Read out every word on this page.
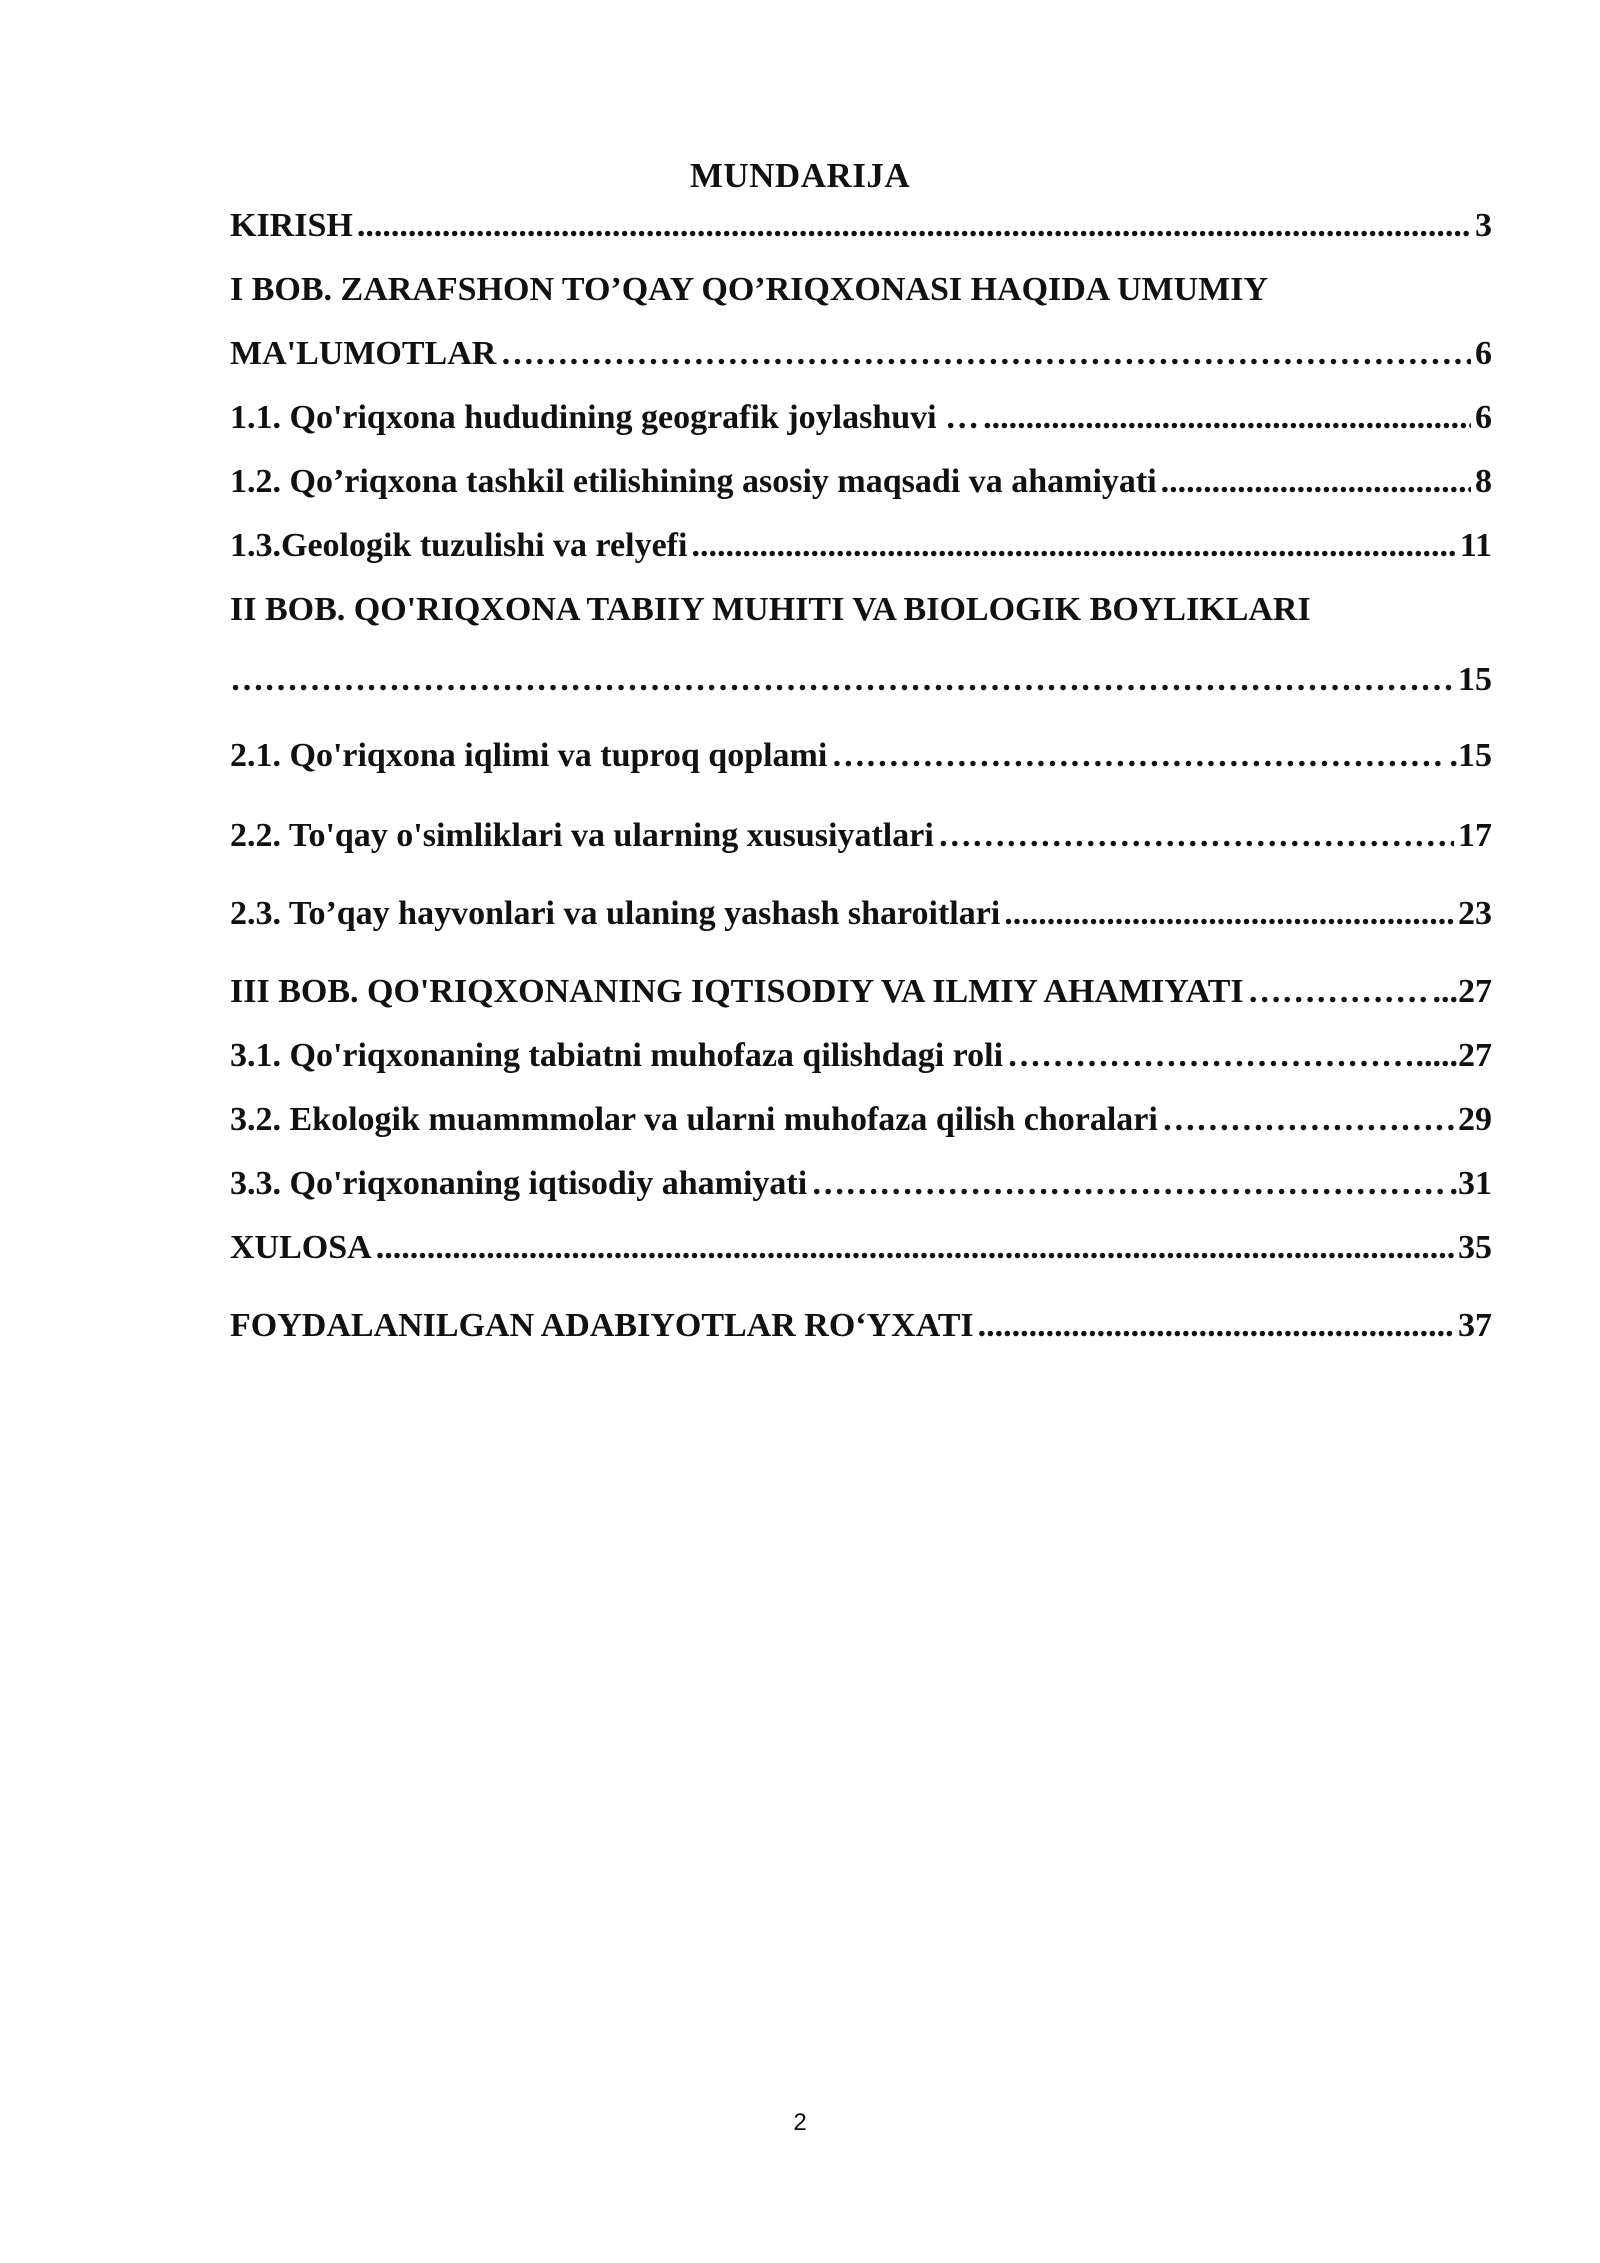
MUNDARIJA
KIRISH .....	3
I BOB. ZARAFSHON TO’QAY QO’RIQXONASI HAQIDA UMUMIY
MA'LUMOTLAR ………………………………………………………………………………………………………………………………………………………………………………………………………………………	6
1.1. Qo'riqxona hududining geografik joylashuvi … .....	6
1.2. Qo’riqxona tashkil etilishining asosiy maqsadi va ahamiyati .....	8
1.3.Geologik tuzulishi va relyefi .....	11
II BOB. QO'RIQXONA TABIIY MUHITI VA BIOLOGIK BOYLIKLARI
………………………………………………………………………………………………………………………………………………………………………………………………………………………
15
2.1. Qo'riqxona iqlimi va tuproq qoplami ………………………………………………………………………………………………………………………………………………………………………………………………………………………	.15
2.2. To'qay o'simliklari va ularning xususiyatlari ………………………………………………………………………………………………………………………………………………………………………………………………………………………	17
2.3. To’qay hayvonlari va ulaning yashash sharoitlari .....	23
III BOB. QO'RIQXONANING IQTISODIY VA ILMIY AHAMIYATI ………………………………………………………………………………………………………………………………………………………………………………………………………………………	...27
3.1. Qo'riqxonaning tabiatni muhofaza qilishdagi roli ………………………………………………………………………………………………………………………………………………………………………………………………………………………	.....27
3.2. Ekologik muammmolar va ularni muhofaza qilish choralari ………………………………………………………………………………………………………………………………………………………………………………………………………………………	29
3.3. Qo'riqxonaning iqtisodiy ahamiyati ………………………………………………………………………………………………………………………………………………………………………………………………………………………	.31
XULOSA .....	35
FOYDALANILGAN ADABIYOTLAR RO‘YXATI .....	37
2
